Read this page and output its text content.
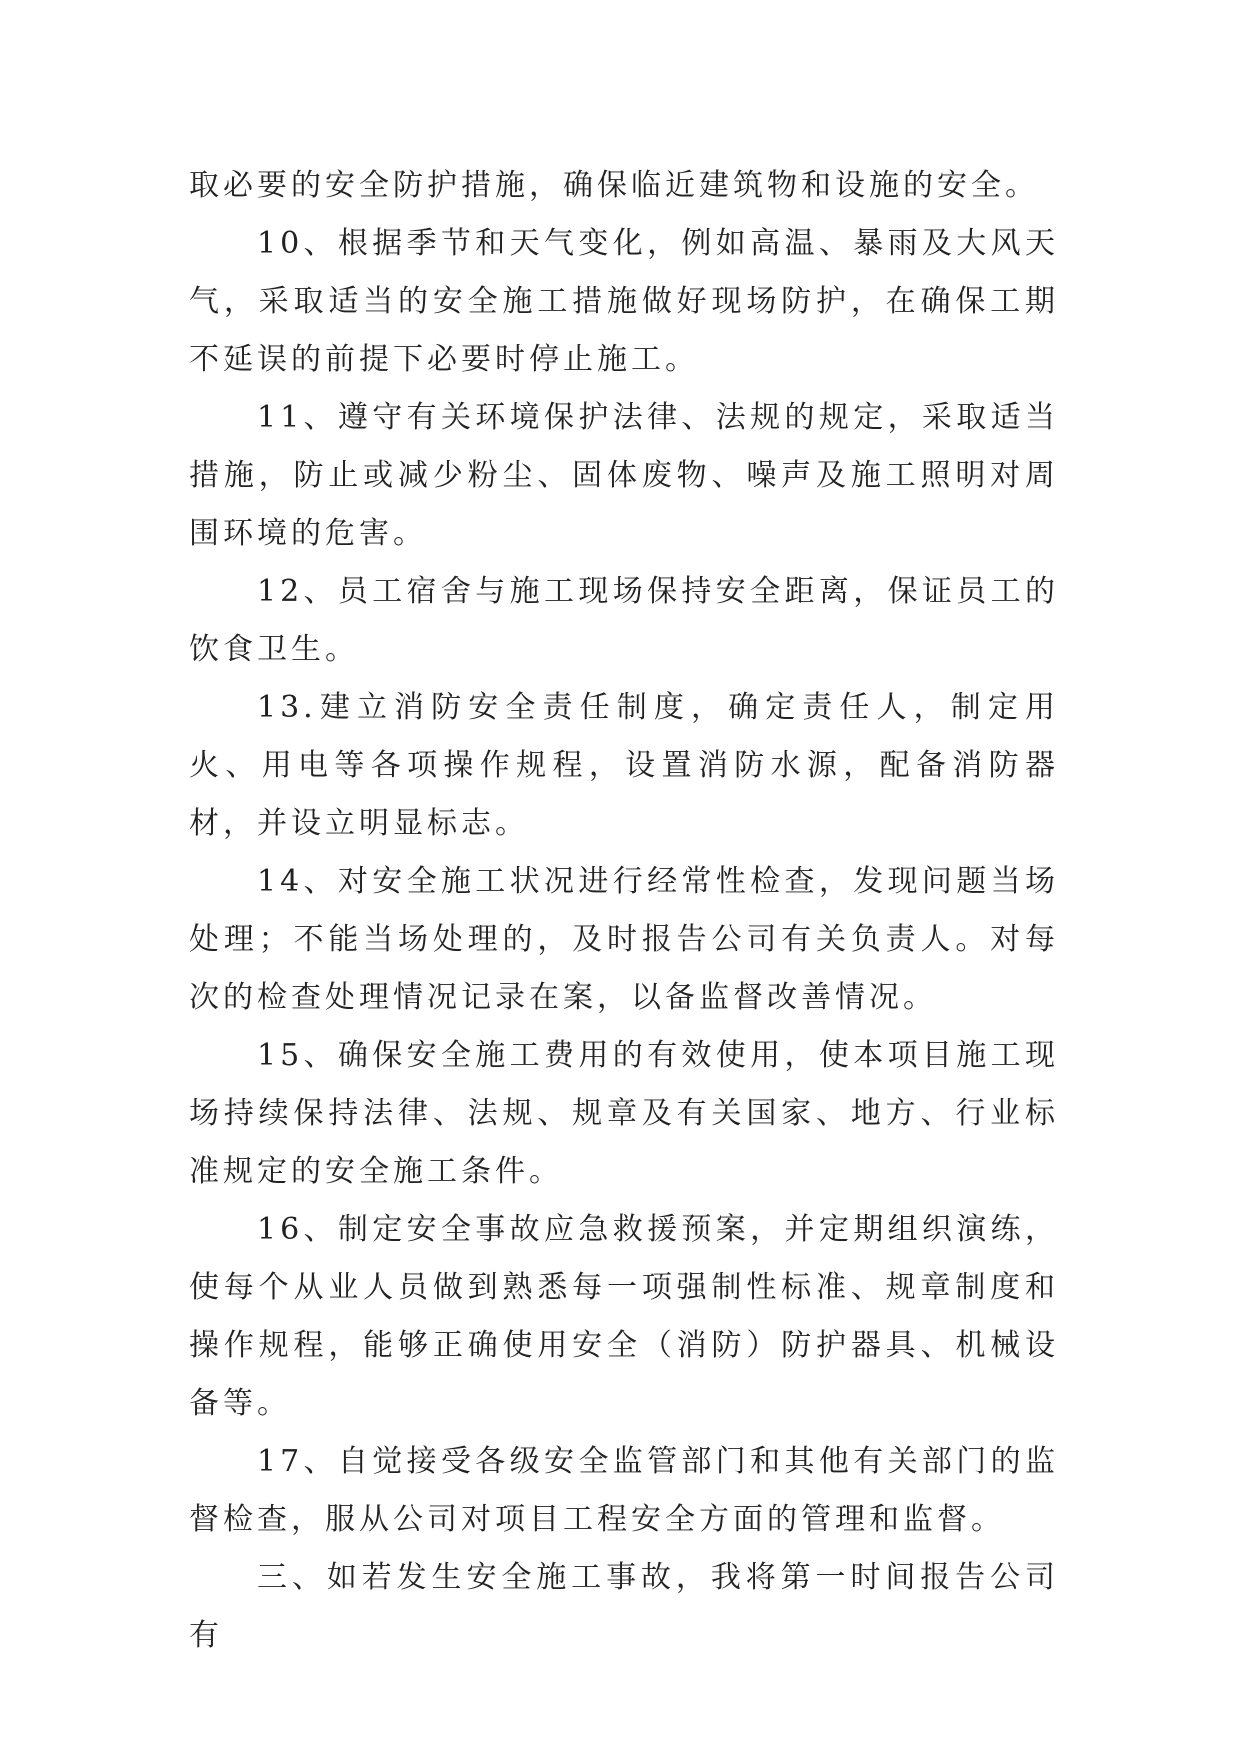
取必要的安全防护措施，确保临近建筑物和设施的安全。

10、根据季节和天气变化，例如高温、暴雨及大风天气，采取适当的安全施工措施做好现场防护，在确保工期不延误的前提下必要时停止施工。

11、遵守有关环境保护法律、法规的规定，采取适当措施，防止或减少粉尘、固体废物、噪声及施工照明对周围环境的危害。

12、员工宿舍与施工现场保持安全距离，保证员工的饮食卫生。

13.建立消防安全责任制度，确定责任人，制定用火、用电等各项操作规程，设置消防水源，配备消防器材，并设立明显标志。

14、对安全施工状况进行经常性检查，发现问题当场处理；不能当场处理的，及时报告公司有关负责人。对每次的检查处理情况记录在案，以备监督改善情况。

15、确保安全施工费用的有效使用，使本项目施工现场持续保持法律、法规、规章及有关国家、地方、行业标准规定的安全施工条件。

16、制定安全事故应急救援预案，并定期组织演练，使每个从业人员做到熟悉每一项强制性标准、规章制度和操作规程，能够正确使用安全（消防）防护器具、机械设备等。

17、自觉接受各级安全监管部门和其他有关部门的监督检查，服从公司对项目工程安全方面的管理和监督。

三、如若发生安全施工事故，我将第一时间报告公司有
